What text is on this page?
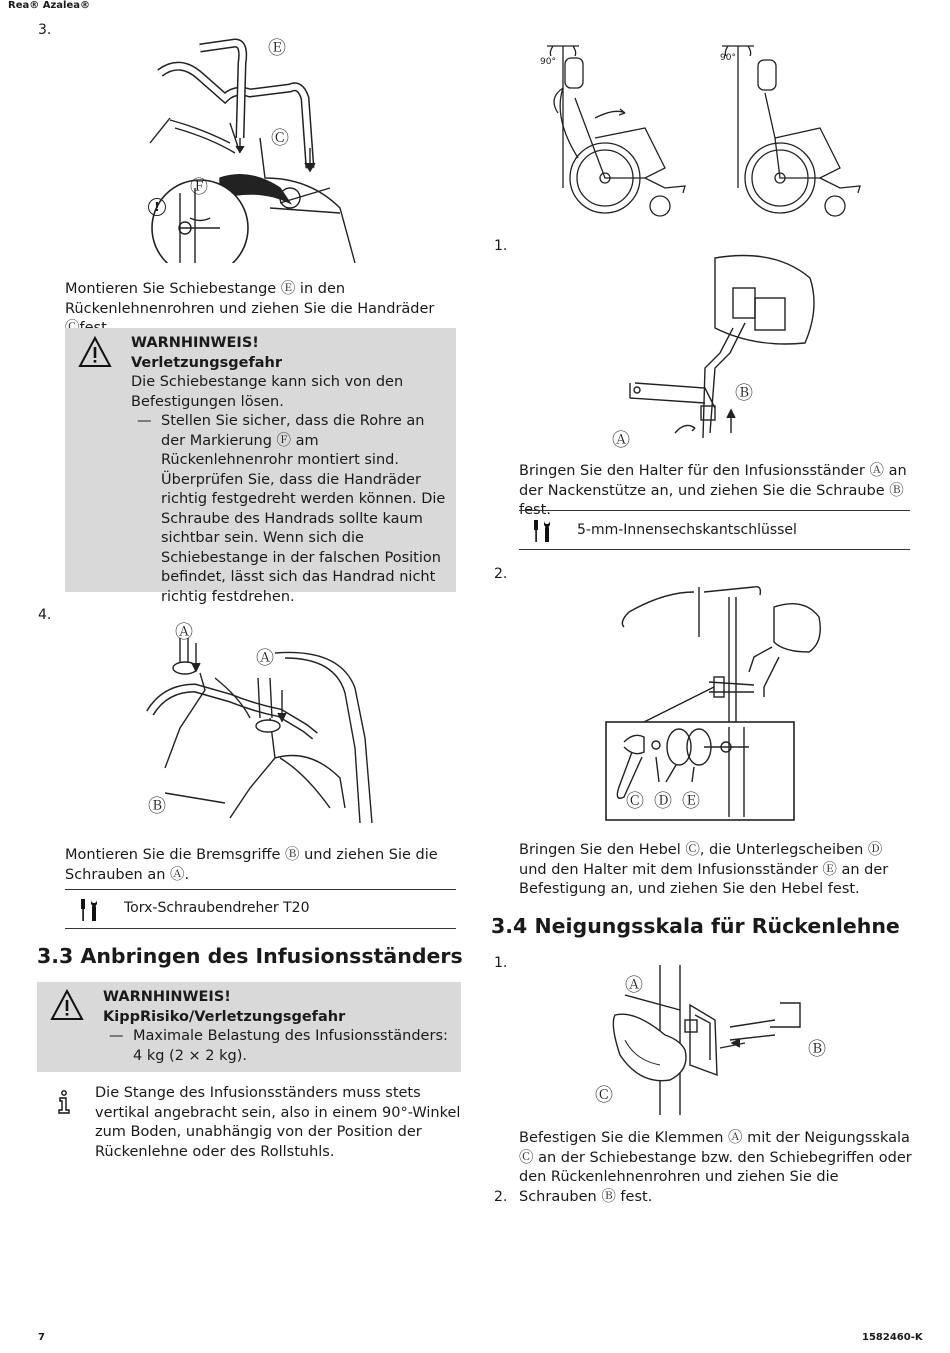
Rea® Azalea®
3.
Ⓔ
Ⓒ
Ⓕ
!
Montieren Sie Schiebestange Ⓔ in den Rückenlehnenrohren und ziehen Sie die Handräder
WARNHINWEIS!
Verletzungsgefahr
Die Schiebestange kann sich von den Befestigungen lösen.
— Stellen Sie sicher, dass die Rohre an der Markierung Ⓕ am Rückenlehnenrohr montiert sind. Überprüfen Sie, dass die Handräder richtig festgedreht werden können. Die Schraube des Handrads sollte kaum sichtbar sein. Wenn sich die Schiebestange in der falschen Position befindet, lässt sich das Handrad nicht richtig festdrehen.
4.
Ⓐ
Ⓐ
Ⓑ
Montieren Sie die Bremsgriffe Ⓑ und ziehen Sie die Schrauben an Ⓐ.
Torx-Schraubendreher T20
3.3 Anbringen des Infusionsständers
WARNHINWEIS!
KippRisiko/Verletzungsgefahr
— Maximale Belastung des Infusionsständers: 4 kg (2 × 2 kg).
Die Stange des Infusionsständers muss stets vertikal angebracht sein, also in einem 90°-Winkel zum Boden, unabhängig von der Position der Rückenlehne oder des Rollstuhls.
90°	90°
1.
Ⓐ
Ⓑ
Bringen Sie den Halter für den Infusionsständer Ⓐ an der Nackenstütze an, und ziehen Sie die Schraube Ⓑ fest.
5-mm-Innensechskantschlüssel
2.
Ⓒ Ⓓ Ⓔ
Bringen Sie den Hebel Ⓒ, die Unterlegscheiben Ⓓ und den Halter mit dem Infusionsständer Ⓔ an der Befestigung an, und ziehen Sie den Hebel fest.
3.4 Neigungsskala für Rückenlehne
1.
Ⓐ
Ⓑ
Ⓒ
Befestigen Sie die Klemmen Ⓐ mit der Neigungsskala Ⓒ an der Schiebestange bzw. den Schiebegriffen oder den Rückenlehnenrohren und ziehen Sie die Schrauben Ⓑ fest.
2.
7	1582460-K
